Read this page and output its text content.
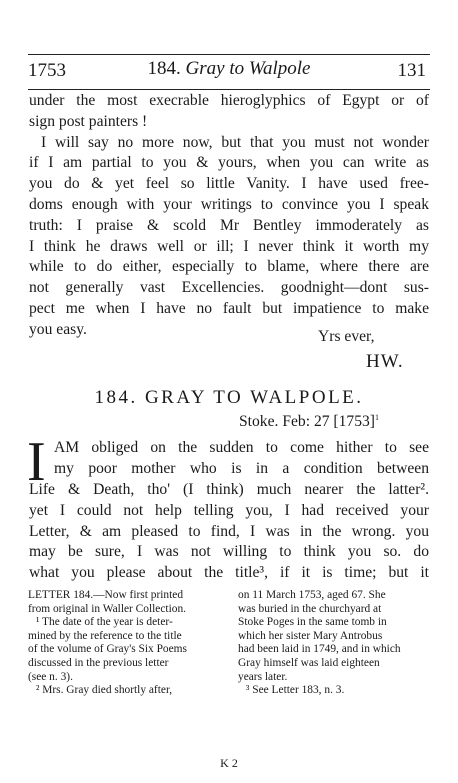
1753	184. Gray to Walpole	131
under the most execrable hieroglyphics of Egypt or of
sign post painters !
I will say no more now, but that you must not wonder
if I am partial to you & yours, when you can write as
you do & yet feel so little Vanity. I have used free-
doms enough with your writings to convince you I speak
truth: I praise & scold Mr Bentley immoderately as
I think he draws well or ill; I never think it worth my
while to do either, especially to blame, where there are
not generally vast Excellencies. goodnight—dont sus-
pect me when I have no fault but impatience to make
you easy.	Yrs ever,
HW.
184. GRAY TO WALPOLE.
Stoke. Feb: 27 $[1753]^1$
I AM obliged on the sudden to come hither to see
my poor mother who is in a condition between
Life & Death, tho' (I think) much nearer the latter².
yet I could not help telling you, I had received your
Letter, & am pleased to find, I was in the wrong. you
may be sure, I was not willing to think you so. do
what you please about the title³, if it is time; but it
LETTER 184.—Now first printed
from original in Waller Collection.
¹ The date of the year is deter-
mined by the reference to the title
of the volume of Gray's Six Poems
discussed in the previous letter
(see n. 3).
² Mrs. Gray died shortly after,
on 11 March 1753, aged 67. She
was buried in the churchyard at
Stoke Poges in the same tomb in
which her sister Mary Antrobus
had been laid in 1749, and in which
Gray himself was laid eighteen
years later.
³ See Letter 183, n. 3.
K 2
